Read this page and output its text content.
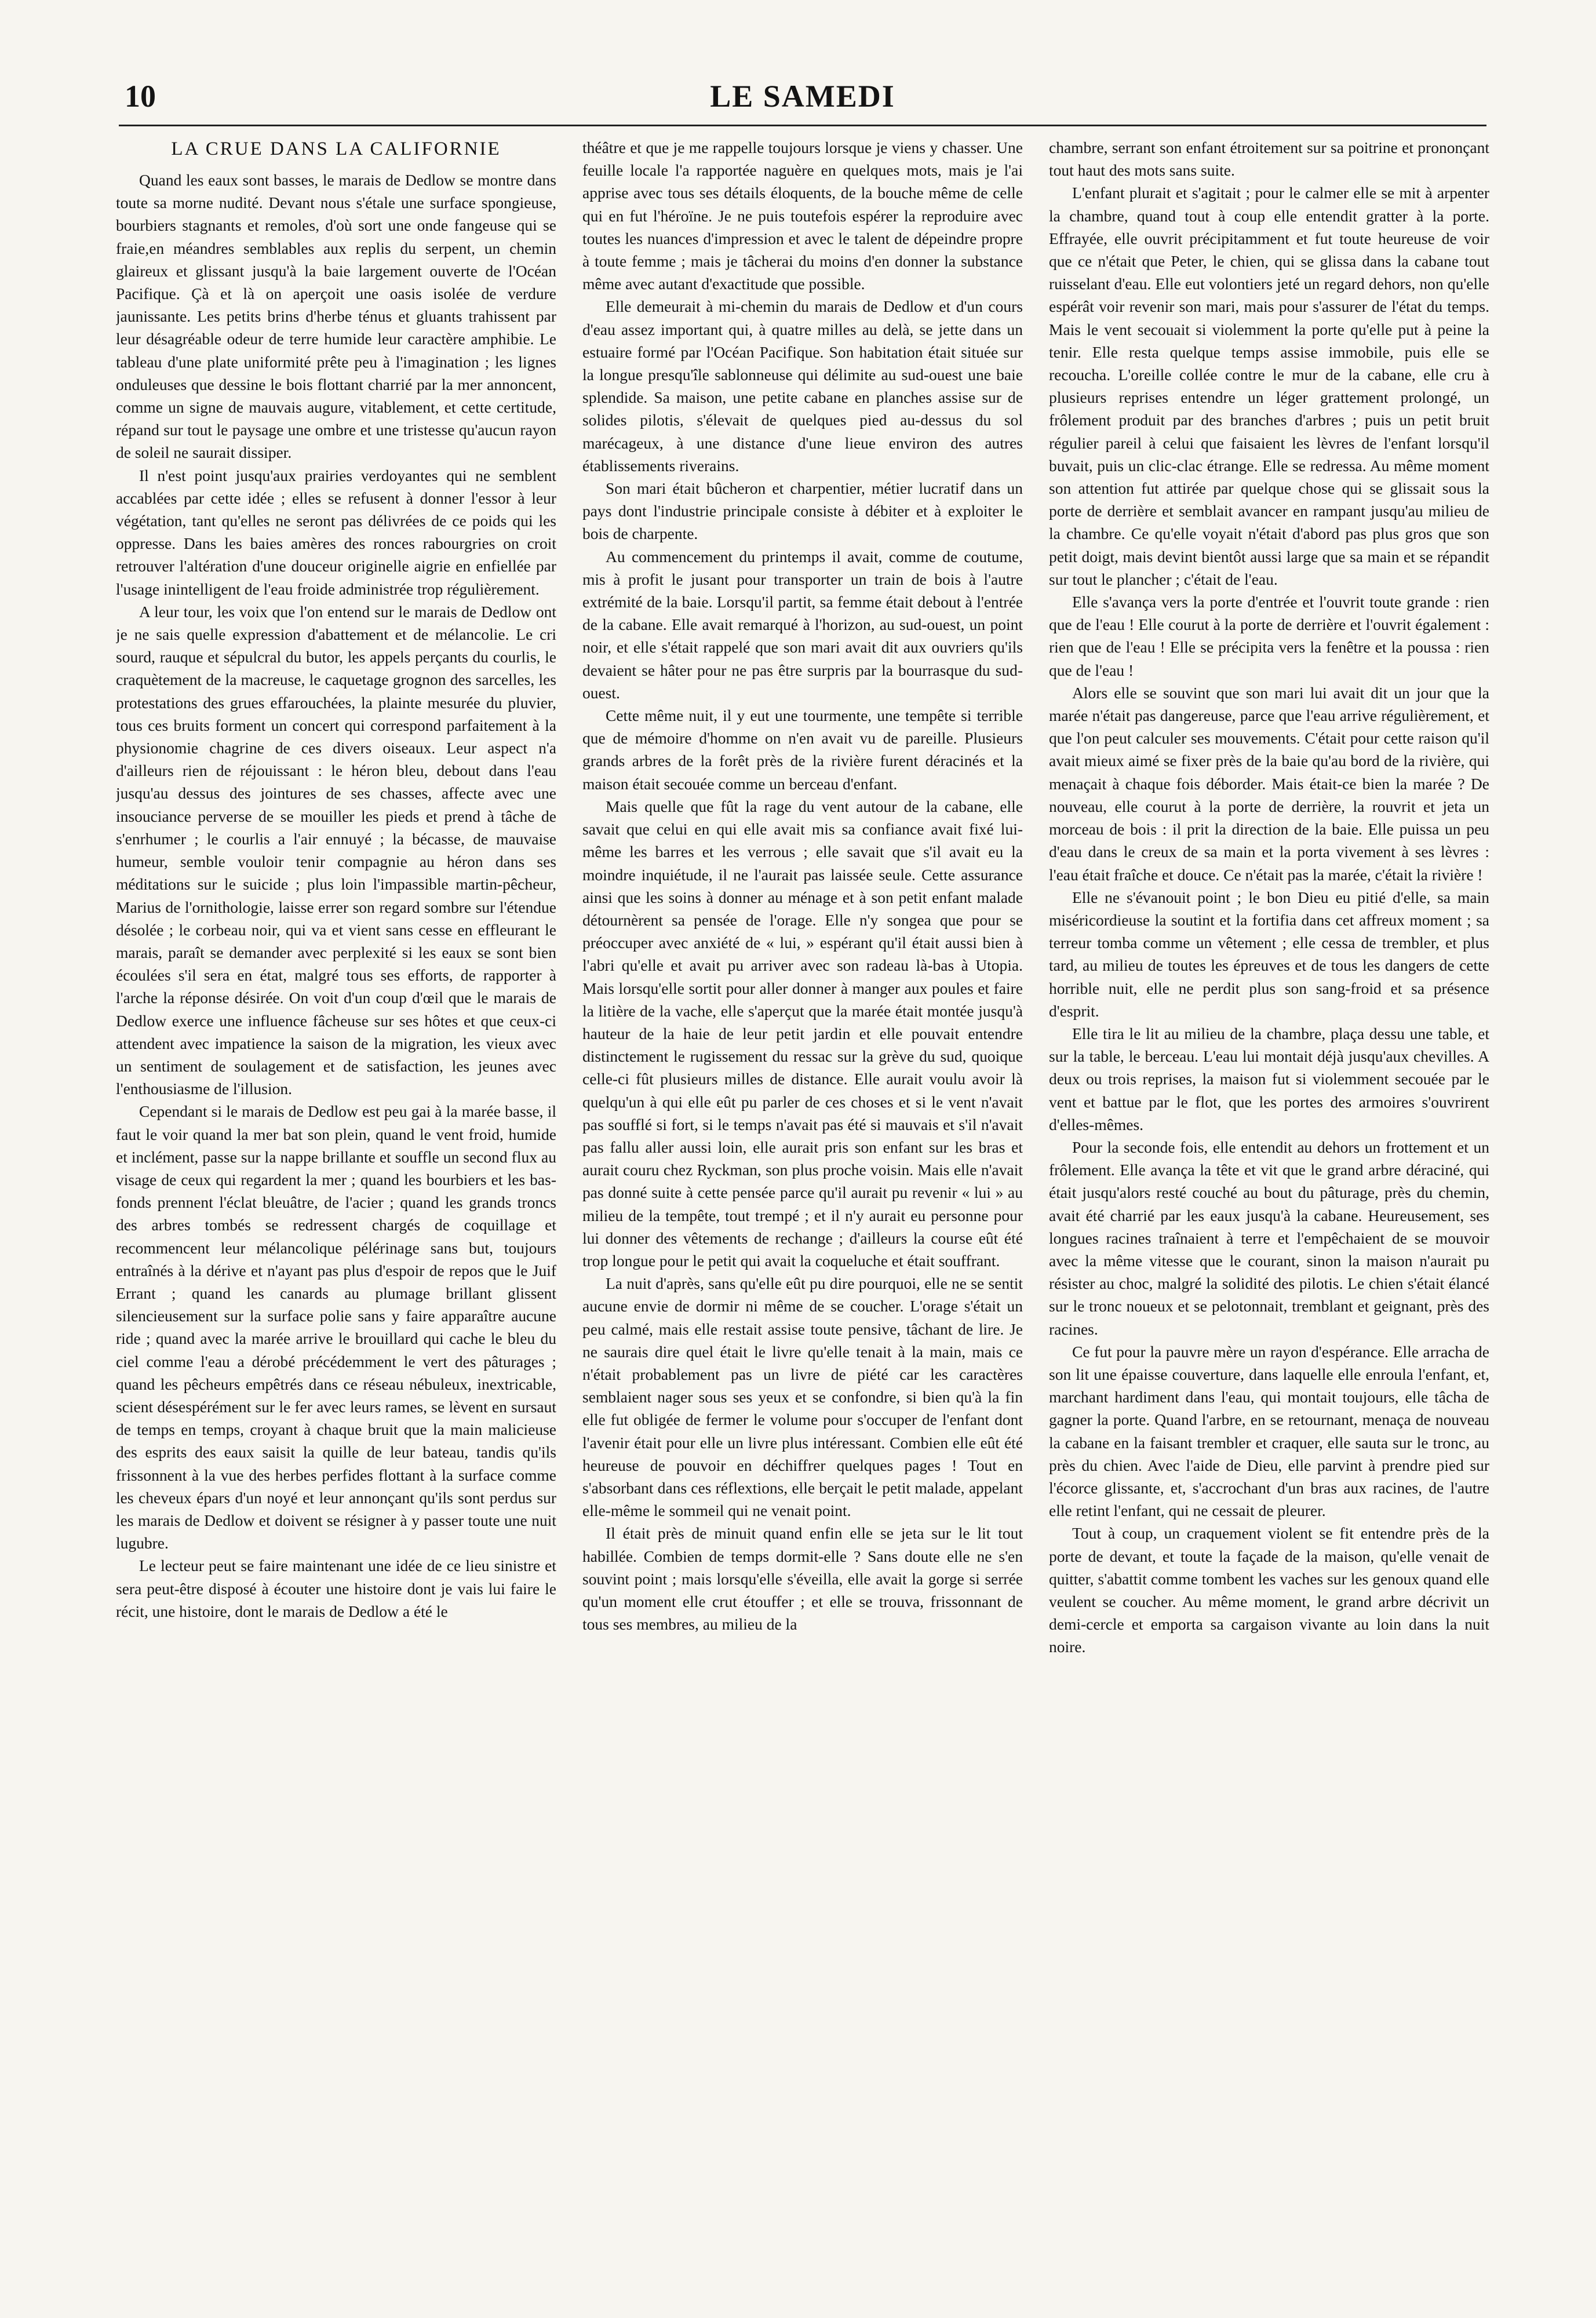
10	LE SAMEDI
LA CRUE DANS LA CALIFORNIE

Quand les eaux sont basses, le marais de Dedlow se montre dans toute sa morne nudité. Devant nous s'étale une surface spongieuse, bourbiers stagnants et remoles, d'où sort une onde fangeuse qui se fraie,en méandres semblables aux replis du serpent, un chemin glaireux et glissant jusqu'à la baie largement ouverte de l'Océan Pacifique. Çà et là on aperçoit une oasis isolée de verdure jaunissante. Les petits brins d'herbe ténus et gluants trahissent par leur désagréable odeur de terre humide leur caractère amphibie. Le tableau d'une plate uniformité prête peu à l'imagination ; les lignes onduleuses que dessine le bois flottant charrié par la mer annoncent, comme un signe de mauvais augure, vitablement, et cette certitude, répand sur tout le paysage une ombre et une tristesse qu'aucun rayon de soleil ne saurait dissiper.

Il n'est point jusqu'aux prairies verdoyantes qui ne semblent accablées par cette idée ; elles se refusent à donner l'essor à leur végétation, tant qu'elles ne seront pas délivrées de ce poids qui les oppresse. Dans les baies amères des ronces rabourgries on croit retrouver l'altération d'une douceur originelle aigrie en enfiellée par l'usage inintelligent de l'eau froide administrée trop régulièrement.

A leur tour, les voix que l'on entend sur le marais de Dedlow ont je ne sais quelle expression d'abattement et de mélancolie. Le cri sourd, rauque et sépulcral du butor, les appels perçants du courlis, le craquètement de la macreuse, le caquetage grognon des sarcelles, les protestations des grues effarouchées, la plainte mesurée du pluvier, tous ces bruits forment un concert qui correspond parfaitement à la physionomie chagrine de ces divers oiseaux. Leur aspect n'a d'ailleurs rien de réjouissant : le héron bleu, debout dans l'eau jusqu'au dessus des jointures de ses chasses, affecte avec une insouciance perverse de se mouiller les pieds et prend à tâche de s'enrhumer ; le courlis a l'air ennuyé ; la bécasse, de mauvaise humeur, semble vouloir tenir compagnie au héron dans ses méditations sur le suicide ; plus loin l'impassible martin-pêcheur, Marius de l'ornithologie, laisse errer son regard sombre sur l'étendue désolée ; le corbeau noir, qui va et vient sans cesse en effleurant le marais, paraît se demander avec perplexité si les eaux se sont bien écoulées s'il sera en état, malgré tous ses efforts, de rapporter à l'arche la réponse désirée. On voit d'un coup d'œil que le marais de Dedlow exerce une influence fâcheuse sur ses hôtes et que ceux-ci attendent avec impatience la saison de la migration, les vieux avec un sentiment de soulagement et de satisfaction, les jeunes avec l'enthousiasme de l'illusion.

Cependant si le marais de Dedlow est peu gai à la marée basse, il faut le voir quand la mer bat son plein, quand le vent froid, humide et inclément, passe sur la nappe brillante et souffle un second flux au visage de ceux qui regardent la mer ; quand les bourbiers et les bas-fonds prennent l'éclat bleuâtre, de l'acier ; quand les grands troncs des arbres tombés se redressent chargés de coquillage et recommencent leur mélancolique pélérinage sans but, toujours entraînés à la dérive et n'ayant pas plus d'espoir de repos que le Juif Errant ; quand les canards au plumage brillant glissent silencieusement sur la surface polie sans y faire apparaître aucune ride ; quand avec la marée arrive le brouillard qui cache le bleu du ciel comme l'eau a dérobé précédemment le vert des pâturages ; quand les pêcheurs empêtrés dans ce réseau nébuleux, inextricable, scient désespérément sur le fer avec leurs rames, se lèvent en sursaut de temps en temps, croyant à chaque bruit que la main malicieuse des esprits des eaux saisit la quille de leur bateau, tandis qu'ils frissonnent à la vue des herbes perfides flottant à la surface comme les cheveux épars d'un noyé et leur annonçant qu'ils sont perdus sur les marais de Dedlow et doivent se résigner à y passer toute une nuit lugubre.

Le lecteur peut se faire maintenant une idée de ce lieu sinistre et sera peut-être disposé à écouter une histoire dont je vais lui faire le récit, une histoire, dont le marais de Dedlow a été le

théâtre et que je me rappelle toujours lorsque je viens y chasser. Une feuille locale l'a rapportée naguère en quelques mots, mais je l'ai apprise avec tous ses détails éloquents, de la bouche même de celle qui en fut l'héroïne. Je ne puis toutefois espérer la reproduire avec toutes les nuances d'impression et avec le talent de dépeindre propre à toute femme ; mais je tâcherai du moins d'en donner la substance même avec autant d'exactitude que possible.

Elle demeurait à mi-chemin du marais de Dedlow et d'un cours d'eau assez important qui, à quatre milles au delà, se jette dans un estuaire formé par l'Océan Pacifique. Son habitation était située sur la longue presqu'île sablonneuse qui délimite au sud-ouest une baie splendide. Sa maison, une petite cabane en planches assise sur de solides pilotis, s'élevait de quelques pied au-dessus du sol marécageux, à une distance d'une lieue environ des autres établissements riverains.

Son mari était bûcheron et charpentier, métier lucratif dans un pays dont l'industrie principale consiste à débiter et à exploiter le bois de charpente.

Au commencement du printemps il avait, comme de coutume, mis à profit le jusant pour transporter un train de bois à l'autre extrémité de la baie. Lorsqu'il partit, sa femme était debout à l'entrée de la cabane. Elle avait remarqué à l'horizon, au sud-ouest, un point noir, et elle s'était rappelé que son mari avait dit aux ouvriers qu'ils devaient se hâter pour ne pas être surpris par la bourrasque du sud-ouest.

Cette même nuit, il y eut une tourmente, une tempête si terrible que de mémoire d'homme on n'en avait vu de pareille. Plusieurs grands arbres de la forêt près de la rivière furent déracinés et la maison était secouée comme un berceau d'enfant.

Mais quelle que fût la rage du vent autour de la cabane, elle savait que celui en qui elle avait mis sa confiance avait fixé lui-même les barres et les verrous ; elle savait que s'il avait eu la moindre inquiétude, il ne l'aurait pas laissée seule. Cette assurance ainsi que les soins à donner au ménage et à son petit enfant malade détournèrent sa pensée de l'orage. Elle n'y songea que pour se préoccuper avec anxiété de « lui, » espérant qu'il était aussi bien à l'abri qu'elle et avait pu arriver avec son radeau là-bas à Utopia. Mais lorsqu'elle sortit pour aller donner à manger aux poules et faire la litière de la vache, elle s'aperçut que la marée était montée jusqu'à hauteur de la haie de leur petit jardin et elle pouvait entendre distinctement le rugissement du ressac sur la grève du sud, quoique celle-ci fût plusieurs milles de distance. Elle aurait voulu avoir là quelqu'un à qui elle eût pu parler de ces choses et si le vent n'avait pas soufflé si fort, si le temps n'avait pas été si mauvais et s'il n'avait pas fallu aller aussi loin, elle aurait pris son enfant sur les bras et aurait couru chez Ryckman, son plus proche voisin. Mais elle n'avait pas donné suite à cette pensée parce qu'il aurait pu revenir « lui » au milieu de la tempête, tout trempé ; et il n'y aurait eu personne pour lui donner des vêtements de rechange ; d'ailleurs la course eût été trop longue pour le petit qui avait la coqueluche et était souffrant.

La nuit d'après, sans qu'elle eût pu dire pourquoi, elle ne se sentit aucune envie de dormir ni même de se coucher. L'orage s'était un peu calmé, mais elle restait assise toute pensive, tâchant de lire. Je ne saurais dire quel était le livre qu'elle tenait à la main, mais ce n'était probablement pas un livre de piété car les caractères semblaient nager sous ses yeux et se confondre, si bien qu'à la fin elle fut obligée de fermer le volume pour s'occuper de l'enfant dont l'avenir était pour elle un livre plus intéressant. Combien elle eût été heureuse de pouvoir en déchiffrer quelques pages ! Tout en s'absorbant dans ces réflextions, elle berçait le petit malade, appelant elle-même le sommeil qui ne venait point.

Il était près de minuit quand enfin elle se jeta sur le lit tout habillée. Combien de temps dormit-elle ? Sans doute elle ne s'en souvint point ; mais lorsqu'elle s'éveilla, elle avait la gorge si serrée qu'un moment elle crut étouffer ; et elle se trouva, frissonnant de tous ses membres, au milieu de la

chambre, serrant son enfant étroitement sur sa poitrine et prononçant tout haut des mots sans suite.

L'enfant plurait et s'agitait ; pour le calmer elle se mit à arpenter la chambre, quand tout à coup elle entendit gratter à la porte. Effrayée, elle ouvrit précipitamment et fut toute heureuse de voir que ce n'était que Peter, le chien, qui se glissa dans la cabane tout ruisselant d'eau. Elle eut volontiers jeté un regard dehors, non qu'elle espérât voir revenir son mari, mais pour s'assurer de l'état du temps. Mais le vent secouait si violemment la porte qu'elle put à peine la tenir. Elle resta quelque temps assise immobile, puis elle se recoucha. L'oreille collée contre le mur de la cabane, elle cru à plusieurs reprises entendre un léger grattement prolongé, un frôlement produit par des branches d'arbres ; puis un petit bruit régulier pareil à celui que faisaient les lèvres de l'enfant lorsqu'il buvait, puis un clic-clac étrange. Elle se redressa. Au même moment son attention fut attirée par quelque chose qui se glissait sous la porte de derrière et semblait avancer en rampant jusqu'au milieu de la chambre. Ce qu'elle voyait n'était d'abord pas plus gros que son petit doigt, mais devint bientôt aussi large que sa main et se répandit sur tout le plancher ; c'était de l'eau.

Elle s'avança vers la porte d'entrée et l'ouvrit toute grande : rien que de l'eau ! Elle courut à la porte de derrière et l'ouvrit également : rien que de l'eau ! Elle se précipita vers la fenêtre et la poussa : rien que de l'eau !

Alors elle se souvint que son mari lui avait dit un jour que la marée n'était pas dangereuse, parce que l'eau arrive régulièrement, et que l'on peut calculer ses mouvements. C'était pour cette raison qu'il avait mieux aimé se fixer près de la baie qu'au bord de la rivière, qui menaçait à chaque fois déborder. Mais était-ce bien la marée ? De nouveau, elle courut à la porte de derrière, la rouvrit et jeta un morceau de bois : il prit la direction de la baie. Elle puissa un peu d'eau dans le creux de sa main et la porta vivement à ses lèvres : l'eau était fraîche et douce. Ce n'était pas la marée, c'était la rivière !

Elle ne s'évanouit point ; le bon Dieu eu pitié d'elle, sa main miséricordieuse la soutint et la fortifia dans cet affreux moment ; sa terreur tomba comme un vêtement ; elle cessa de trembler, et plus tard, au milieu de toutes les épreuves et de tous les dangers de cette horrible nuit, elle ne perdit plus son sang-froid et sa présence d'esprit.

Elle tira le lit au milieu de la chambre, plaça dessu une table, et sur la table, le berceau. L'eau lui montait déjà jusqu'aux chevilles. A deux ou trois reprises, la maison fut si violemment secouée par le vent et battue par le flot, que les portes des armoires s'ouvrirent d'elles-mêmes.

Pour la seconde fois, elle entendit au dehors un frottement et un frôlement. Elle avança la tête et vit que le grand arbre déraciné, qui était jusqu'alors resté couché au bout du pâturage, près du chemin, avait été charrié par les eaux jusqu'à la cabane. Heureusement, ses longues racines traînaient à terre et l'empêchaient de se mouvoir avec la même vitesse que le courant, sinon la maison n'aurait pu résister au choc, malgré la solidité des pilotis. Le chien s'était élancé sur le tronc noueux et se pelotonnait, tremblant et geignant, près des racines.

Ce fut pour la pauvre mère un rayon d'espérance. Elle arracha de son lit une épaisse couverture, dans laquelle elle enroula l'enfant, et, marchant hardiment dans l'eau, qui montait toujours, elle tâcha de gagner la porte. Quand l'arbre, en se retournant, menaça de nouveau la cabane en la faisant trembler et craquer, elle sauta sur le tronc, au près du chien. Avec l'aide de Dieu, elle parvint à prendre pied sur l'écorce glissante, et, s'accrochant d'un bras aux racines, de l'autre elle retint l'enfant, qui ne cessait de pleurer.

Tout à coup, un craquement violent se fit entendre près de la porte de devant, et toute la façade de la maison, qu'elle venait de quitter, s'abattit comme tombent les vaches sur les genoux quand elle veulent se coucher. Au même moment, le grand arbre décrivit un demi-cercle et emporta sa cargaison vivante au loin dans la nuit noire.
